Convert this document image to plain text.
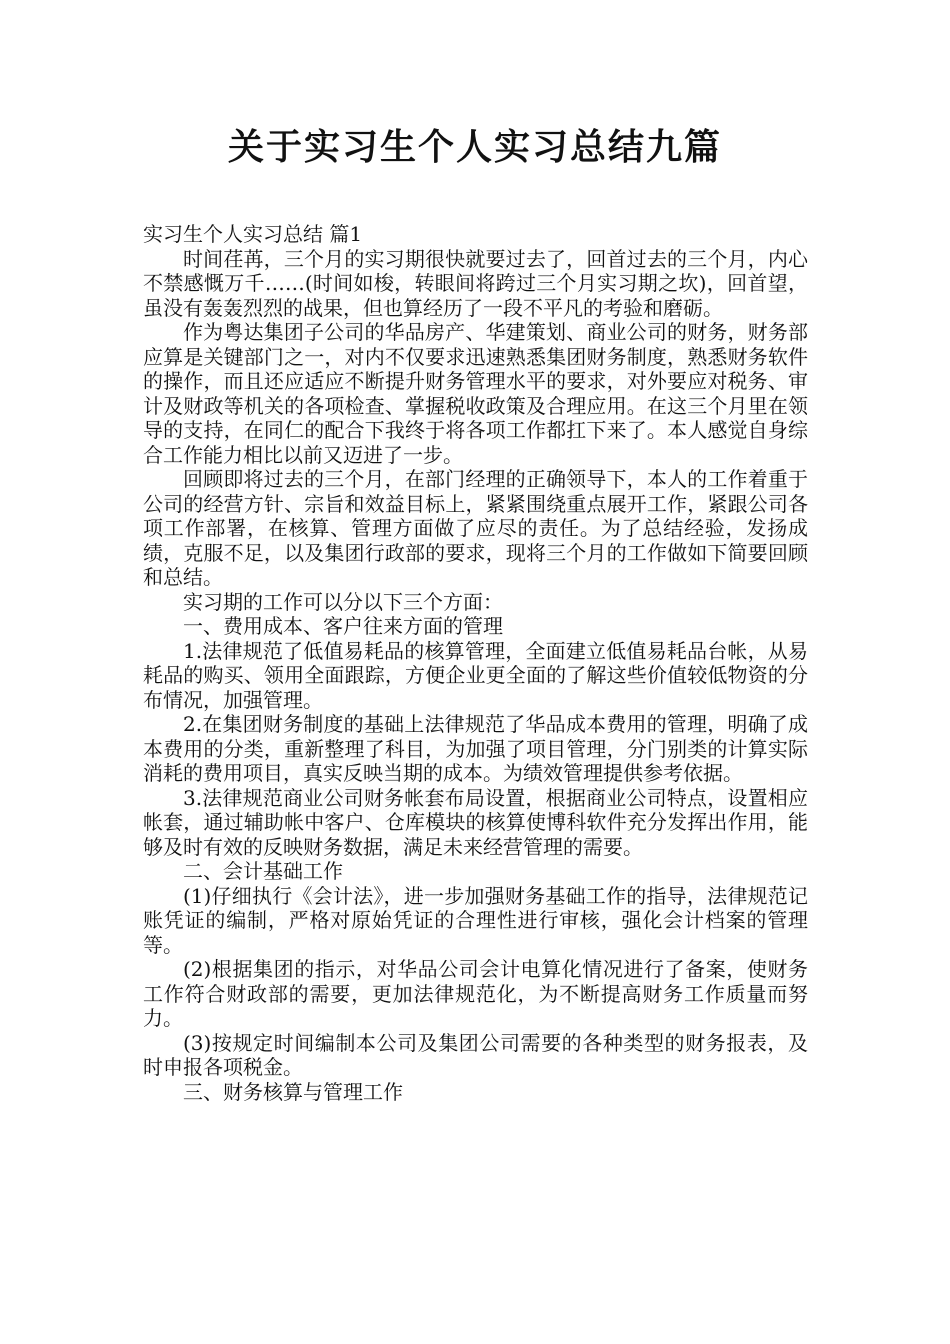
关于实习生个人实习总结九篇

实习生个人实习总结 篇1

时间荏苒，三个月的实习期很快就要过去了，回首过去的三个月，内心不禁感慨万千……(时间如梭，转眼间将跨过三个月实习期之坎)，回首望，虽没有轰轰烈烈的战果，但也算经历了一段不平凡的考验和磨砺。

作为粤达集团子公司的华品房产、华建策划、商业公司的财务，财务部应算是关键部门之一，对内不仅要求迅速熟悉集团财务制度，熟悉财务软件的操作，而且还应适应不断提升财务管理水平的要求，对外要应对税务、审计及财政等机关的各项检查、掌握税收政策及合理应用。在这三个月里在领导的支持，在同仁的配合下我终于将各项工作都扛下来了。本人感觉自身综合工作能力相比以前又迈进了一步。

回顾即将过去的三个月，在部门经理的正确领导下，本人的工作着重于公司的经营方针、宗旨和效益目标上，紧紧围绕重点展开工作，紧跟公司各项工作部署，在核算、管理方面做了应尽的责任。为了总结经验，发扬成绩，克服不足，以及集团行政部的要求，现将三个月的工作做如下简要回顾和总结。

实习期的工作可以分以下三个方面：

一、费用成本、客户往来方面的管理

1.法律规范了低值易耗品的核算管理，全面建立低值易耗品台帐，从易耗品的购买、领用全面跟踪，方便企业更全面的了解这些价值较低物资的分布情况，加强管理。

2.在集团财务制度的基础上法律规范了华品成本费用的管理，明确了成本费用的分类，重新整理了科目，为加强了项目管理，分门别类的计算实际消耗的费用项目，真实反映当期的成本。为绩效管理提供参考依据。

3.法律规范商业公司财务帐套布局设置，根据商业公司特点，设置相应帐套，通过辅助帐中客户、仓库模块的核算使博科软件充分发挥出作用，能够及时有效的反映财务数据，满足未来经营管理的需要。

二、会计基础工作

(1)仔细执行《会计法》，进一步加强财务基础工作的指导，法律规范记账凭证的编制，严格对原始凭证的合理性进行审核，强化会计档案的管理等。

(2)根据集团的指示，对华品公司会计电算化情况进行了备案，使财务工作符合财政部的需要，更加法律规范化，为不断提高财务工作质量而努力。

(3)按规定时间编制本公司及集团公司需要的各种类型的财务报表，及时申报各项税金。

三、财务核算与管理工作
